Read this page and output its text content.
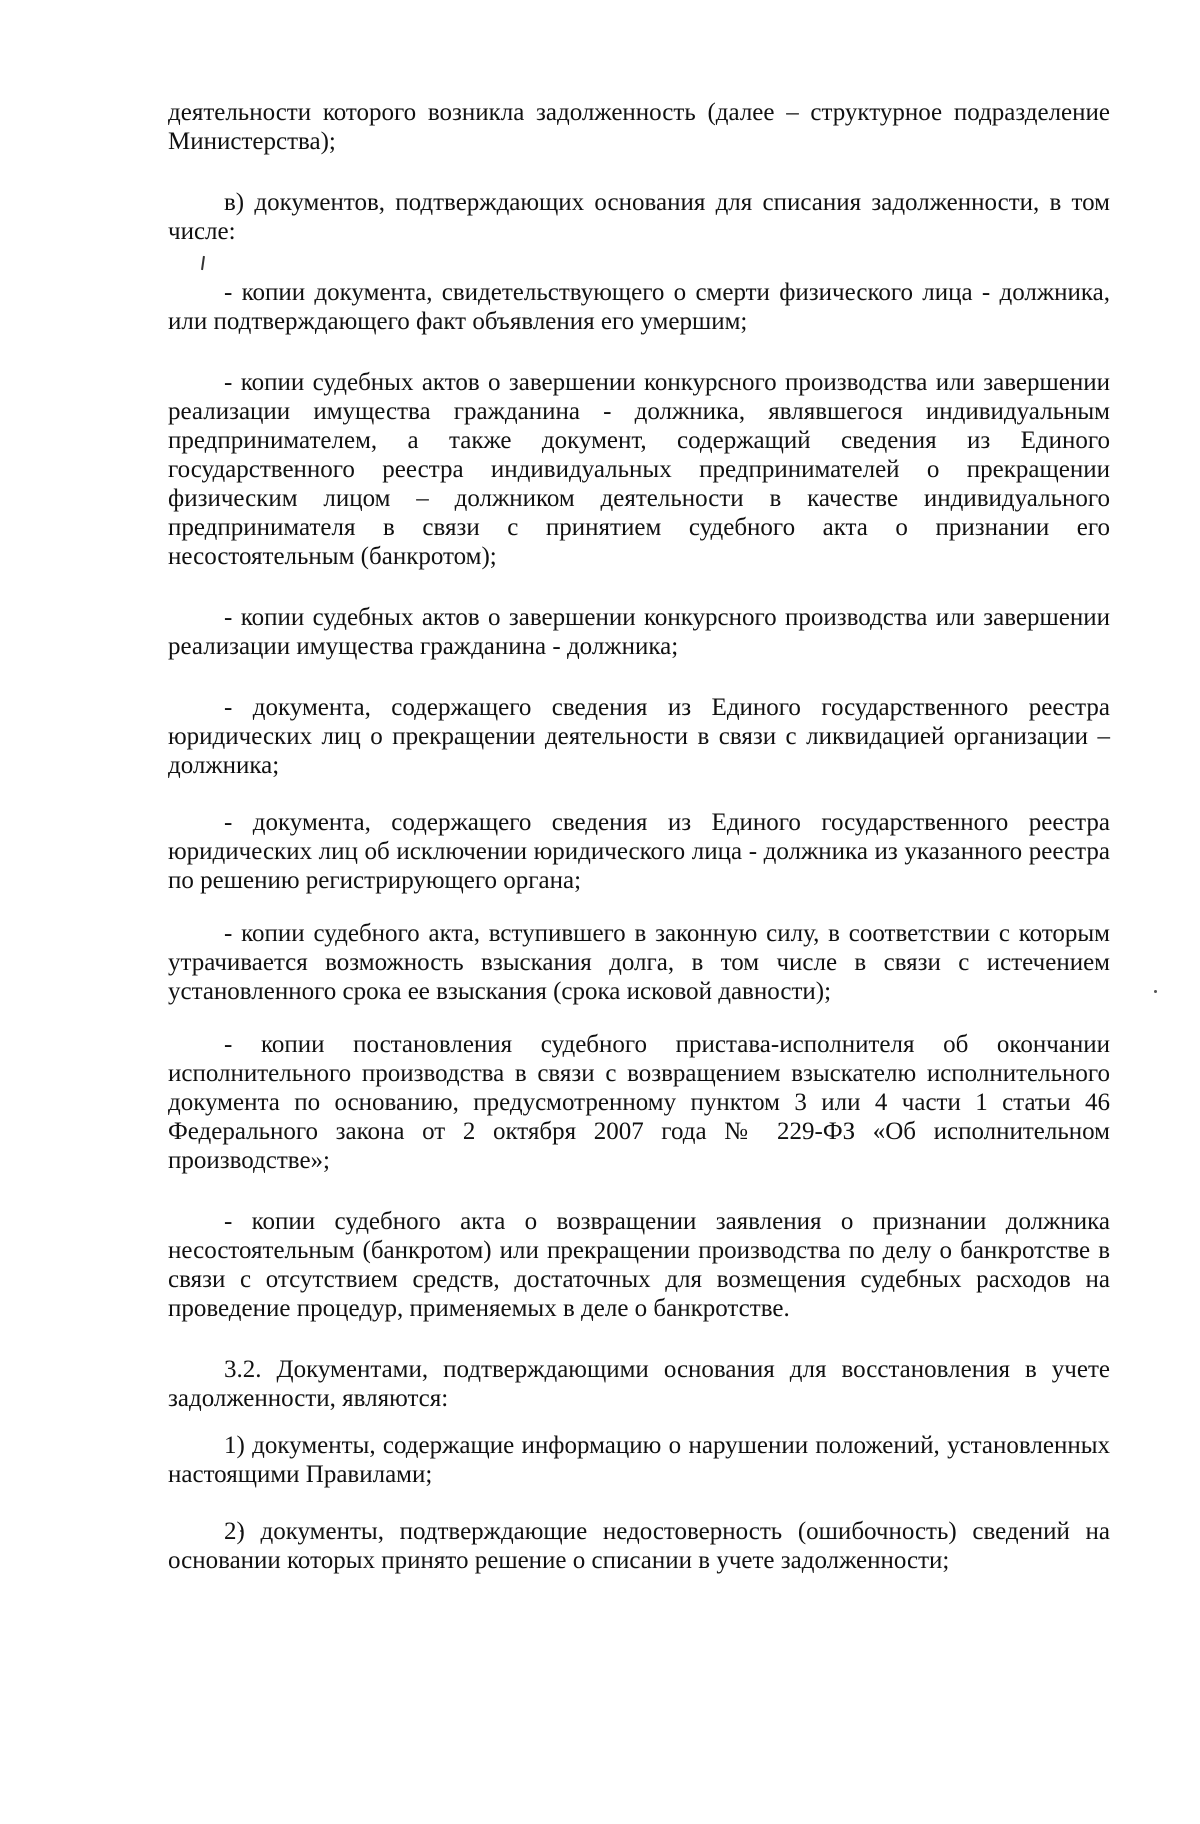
деятельности которого возникла задолженность (далее – структурное подразделение Министерства);

в) документов, подтверждающих основания для списания задолженности, в том числе:

- копии документа, свидетельствующего о смерти физического лица - должника, или подтверждающего факт объявления его умершим;

- копии судебных актов о завершении конкурсного производства или завершении реализации имущества гражданина - должника, являвшегося индивидуальным предпринимателем, а также документ, содержащий сведения из Единого государственного реестра индивидуальных предпринимателей о прекращении физическим лицом – должником деятельности в качестве индивидуального предпринимателя в связи с принятием судебного акта о признании его несостоятельным (банкротом);

- копии судебных актов о завершении конкурсного производства или завершении реализации имущества гражданина - должника;

- документа, содержащего сведения из Единого государственного реестра юридических лиц о прекращении деятельности в связи с ликвидацией организации – должника;

- документа, содержащего сведения из Единого государственного реестра юридических лиц об исключении юридического лица - должника из указанного реестра по решению регистрирующего органа;

- копии судебного акта, вступившего в законную силу, в соответствии с которым утрачивается возможность взыскания долга, в том числе в связи с истечением установленного срока ее взыскания (срока исковой давности);

- копии постановления судебного пристава-исполнителя об окончании исполнительного производства в связи с возвращением взыскателю исполнительного документа по основанию, предусмотренному пунктом 3 или 4 части 1 статьи 46 Федерального закона от 2 октября 2007 года № 229-ФЗ «Об исполнительном производстве»;

- копии судебного акта о возвращении заявления о признании должника несостоятельным (банкротом) или прекращении производства по делу о банкротстве в связи с отсутствием средств, достаточных для возмещения судебных расходов на проведение процедур, применяемых в деле о банкротстве.

3.2. Документами, подтверждающими основания для восстановления в учете задолженности, являются:

1) документы, содержащие информацию о нарушении положений, установленных настоящими Правилами;

2) документы, подтверждающие недостоверность (ошибочность) сведений на основании которых принято решение о списании в учете задолженности;
